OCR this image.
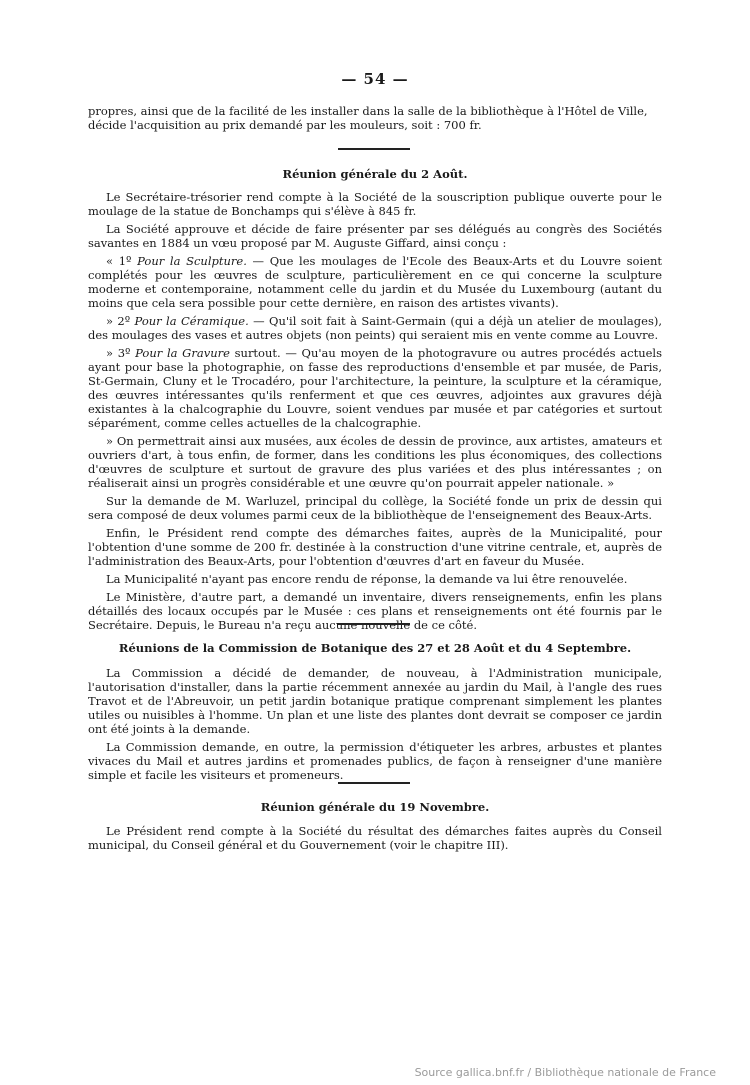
— 54 —

propres, ainsi que de la facilité de les installer dans la salle de la bibliothèque à l'Hôtel de Ville,

décide l'acquisition au prix demandé par les mouleurs, soit : 700 fr.

Réunion générale du 2 Août.

Le Secrétaire-trésorier rend compte à la Société de la souscription publique ouverte pour le moulage de la statue de Bonchamps qui s'élève à 845 fr.

La Société approuve et décide de faire présenter par ses délégués au congrès des Sociétés savantes en 1884 un vœu proposé par M. Auguste Giffard, ainsi conçu :

« 1º Pour la Sculpture. — Que les moulages de l'Ecole des Beaux-Arts et du Louvre soient complétés pour les œuvres de sculpture, particulièrement en ce qui concerne la sculpture moderne et contemporaine, notamment celle du jardin et du Musée du Luxembourg (autant du moins que cela sera possible pour cette dernière, en raison des artistes vivants).

» 2º Pour la Céramique. — Qu'il soit fait à Saint-Germain (qui a déjà un atelier de moulages), des moulages des vases et autres objets (non peints) qui seraient mis en vente comme au Louvre.

» 3º Pour la Gravure surtout. — Qu'au moyen de la photogravure ou autres procédés actuels ayant pour base la photographie, on fasse des reproductions d'ensemble et par musée, de Paris, St-Germain, Cluny et le Trocadéro, pour l'architecture, la peinture, la sculpture et la céramique, des œuvres intéressantes qu'ils renferment et que ces œuvres, adjointes aux gravures déjà existantes à la chalcographie du Louvre, soient vendues par musée et par catégories et surtout séparément, comme celles actuelles de la chalcographie.

» On permettrait ainsi aux musées, aux écoles de dessin de province, aux artistes, amateurs et ouvriers d'art, à tous enfin, de former, dans les conditions les plus économiques, des collections d'œuvres de sculpture et surtout de gravure des plus variées et des plus intéressantes ; on réaliserait ainsi un progrès considérable et une œuvre qu'on pourrait appeler nationale. »

Sur la demande de M. Warluzel, principal du collège, la Société fonde un prix de dessin qui sera composé de deux volumes parmi ceux de la bibliothèque de l'enseignement des Beaux-Arts.

Enfin, le Président rend compte des démarches faites, auprès de la Municipalité, pour l'obtention d'une somme de 200 fr. destinée à la construction d'une vitrine centrale, et, auprès de l'administration des Beaux-Arts, pour l'obtention d'œuvres d'art en faveur du Musée.

La Municipalité n'ayant pas encore rendu de réponse, la demande va lui être renouvelée.

Le Ministère, d'autre part, a demandé un inventaire, divers renseignements, enfin les plans détaillés des locaux occupés par le Musée : ces plans et renseignements ont été fournis par le Secrétaire. Depuis, le Bureau n'a reçu aucune nouvelle de ce côté.

Réunions de la Commission de Botanique des 27 et 28 Août et du 4 Septembre.

La Commission a décidé de demander, de nouveau, à l'Administration municipale, l'autorisation d'installer, dans la partie récemment annexée au jardin du Mail, à l'angle des rues Travot et de l'Abreuvoir, un petit jardin botanique pratique comprenant simplement les plantes utiles ou nuisibles à l'homme. Un plan et une liste des plantes dont devrait se composer ce jardin ont été joints à la demande.

La Commission demande, en outre, la permission d'étiqueter les arbres, arbustes et plantes vivaces du Mail et autres jardins et promenades publics, de façon à renseigner d'une manière simple et facile les visiteurs et promeneurs.

Réunion générale du 19 Novembre.

Le Président rend compte à la Société du résultat des démarches faites auprès du Conseil municipal, du Conseil général et du Gouvernement (voir le chapitre III).

Source gallica.bnf.fr / Bibliothèque nationale de France
